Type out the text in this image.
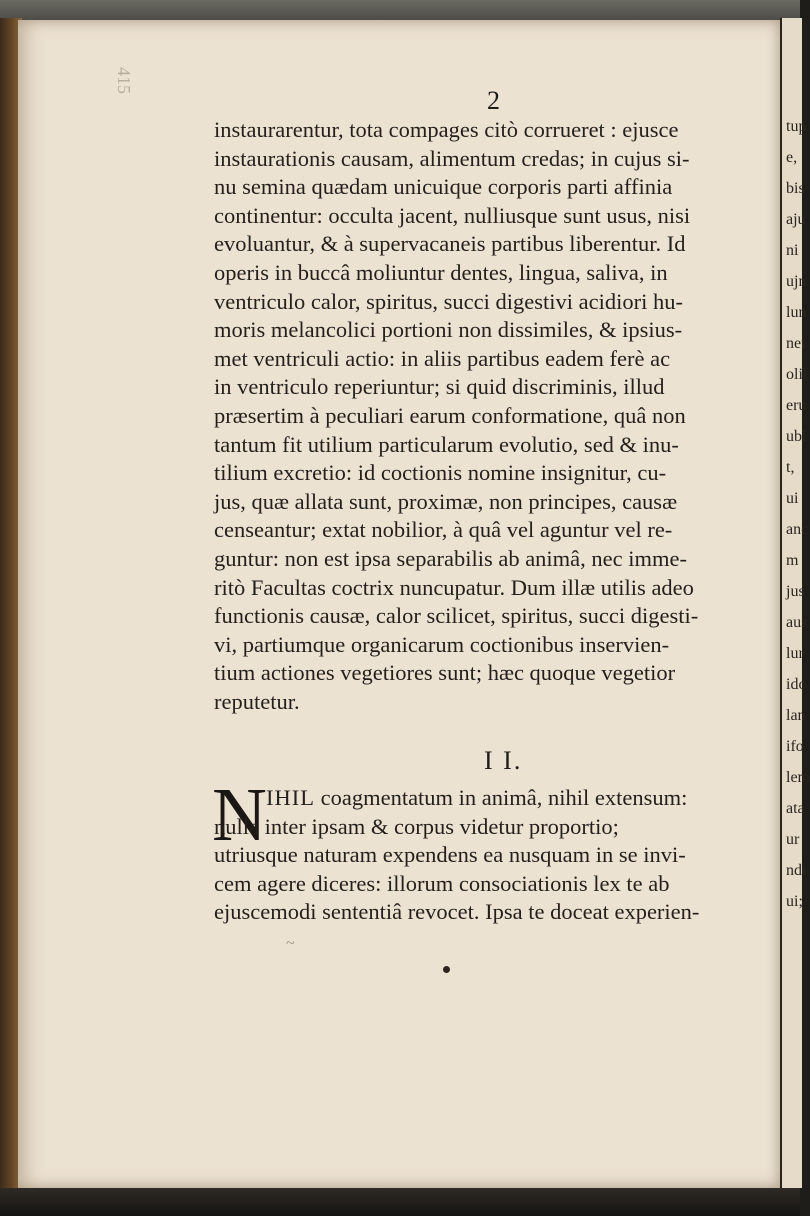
tup
e,
bis
aju
ni
ujn
lun
net
olil
eru
ubi
t,
ui
anc
m
jus
aus
lur
ido
lan
ifo
lem
ata
ur
ndi
ui;
415
2
instaurarentur, tota compages citò corrueret : ejusce
instaurationis causam, alimentum credas; in cujus si-
nu semina quædam unicuique corporis parti affinia
continentur: occulta jacent, nulliusque sunt usus, nisi
evoluantur, & à supervacaneis partibus liberentur. Id
operis in buccâ moliuntur dentes, lingua, saliva, in
ventriculo calor, spiritus, succi digestivi acidiori hu-
moris melancolici portioni non dissimiles, & ipsius-
met ventriculi actio: in aliis partibus eadem ferè ac
in ventriculo reperiuntur; si quid discriminis, illud
præsertim à peculiari earum conformatione, quâ non
tantum fit utilium particularum evolutio, sed & inu-
tilium excretio: id coctionis nomine insignitur, cu-
jus, quæ allata sunt, proximæ, non principes, causæ
censeantur; extat nobilior, à quâ vel aguntur vel re-
guntur: non est ipsa separabilis ab animâ, nec imme-
ritò Facultas coctrix nuncupatur. Dum illæ utilis adeo
functionis causæ, calor scilicet, spiritus, succi digesti-
vi, partiumque organicarum coctionibus inservien-
tium actiones vegetiores sunt; hæc quoque vegetior
reputetur.
I I.
N IHIL coagmentatum in animâ, nihil extensum:
nulla inter ipsam & corpus videtur proportio;
utriusque naturam expendens ea nusquam in se invi-
cem agere diceres: illorum consociationis lex te ab
ejuscemodi sententiâ revocet. Ipsa te doceat experien-
~
